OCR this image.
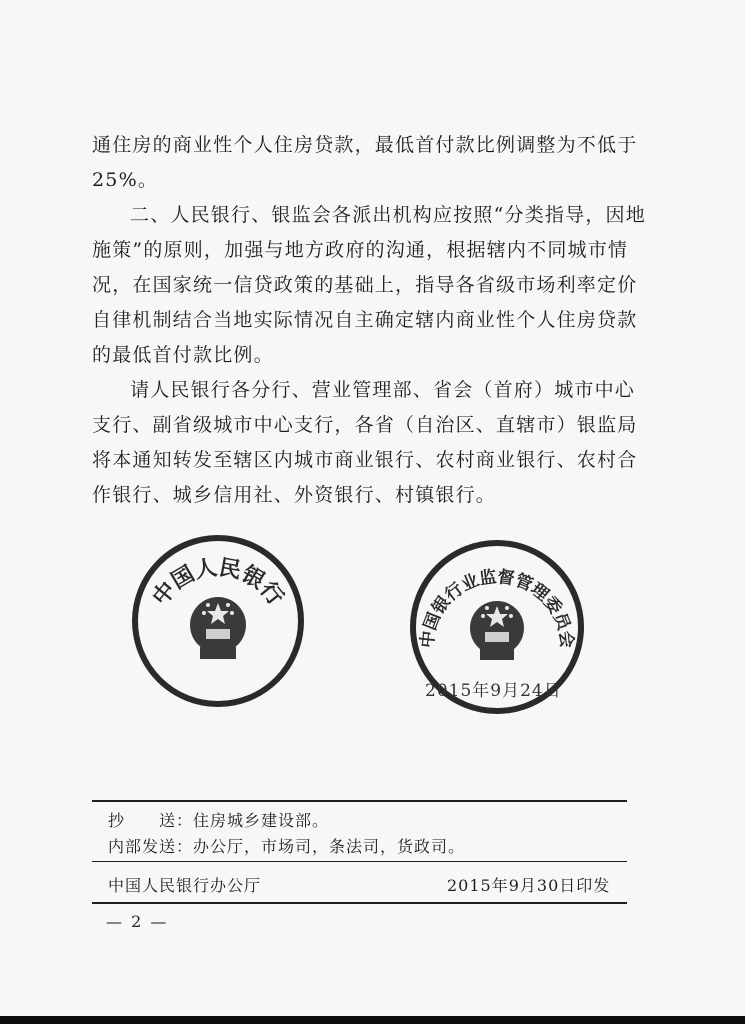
通住房的商业性个人住房贷款，最低首付款比例调整为不低于25%。

二、人民银行、银监会各派出机构应按照“分类指导，因地施策”的原则，加强与地方政府的沟通，根据辖内不同城市情况，在国家统一信贷政策的基础上，指导各省级市场利率定价自律机制结合当地实际情况自主确定辖内商业性个人住房贷款的最低首付款比例。

请人民银行各分行、营业管理部、省会（首府）城市中心支行、副省级城市中心支行，各省（自治区、直辖市）银监局将本通知转发至辖区内城市商业银行、农村商业银行、农村合作银行、城乡信用社、外资银行、村镇银行。

中国人民银行
中国银行业监督管理委员会
2015年9月24日
抄　　送：住房城乡建设部。
内部发送：办公厅，市场司，条法司，货政司。
中国人民银行办公厅	2015年9月30日印发
— 2 —
